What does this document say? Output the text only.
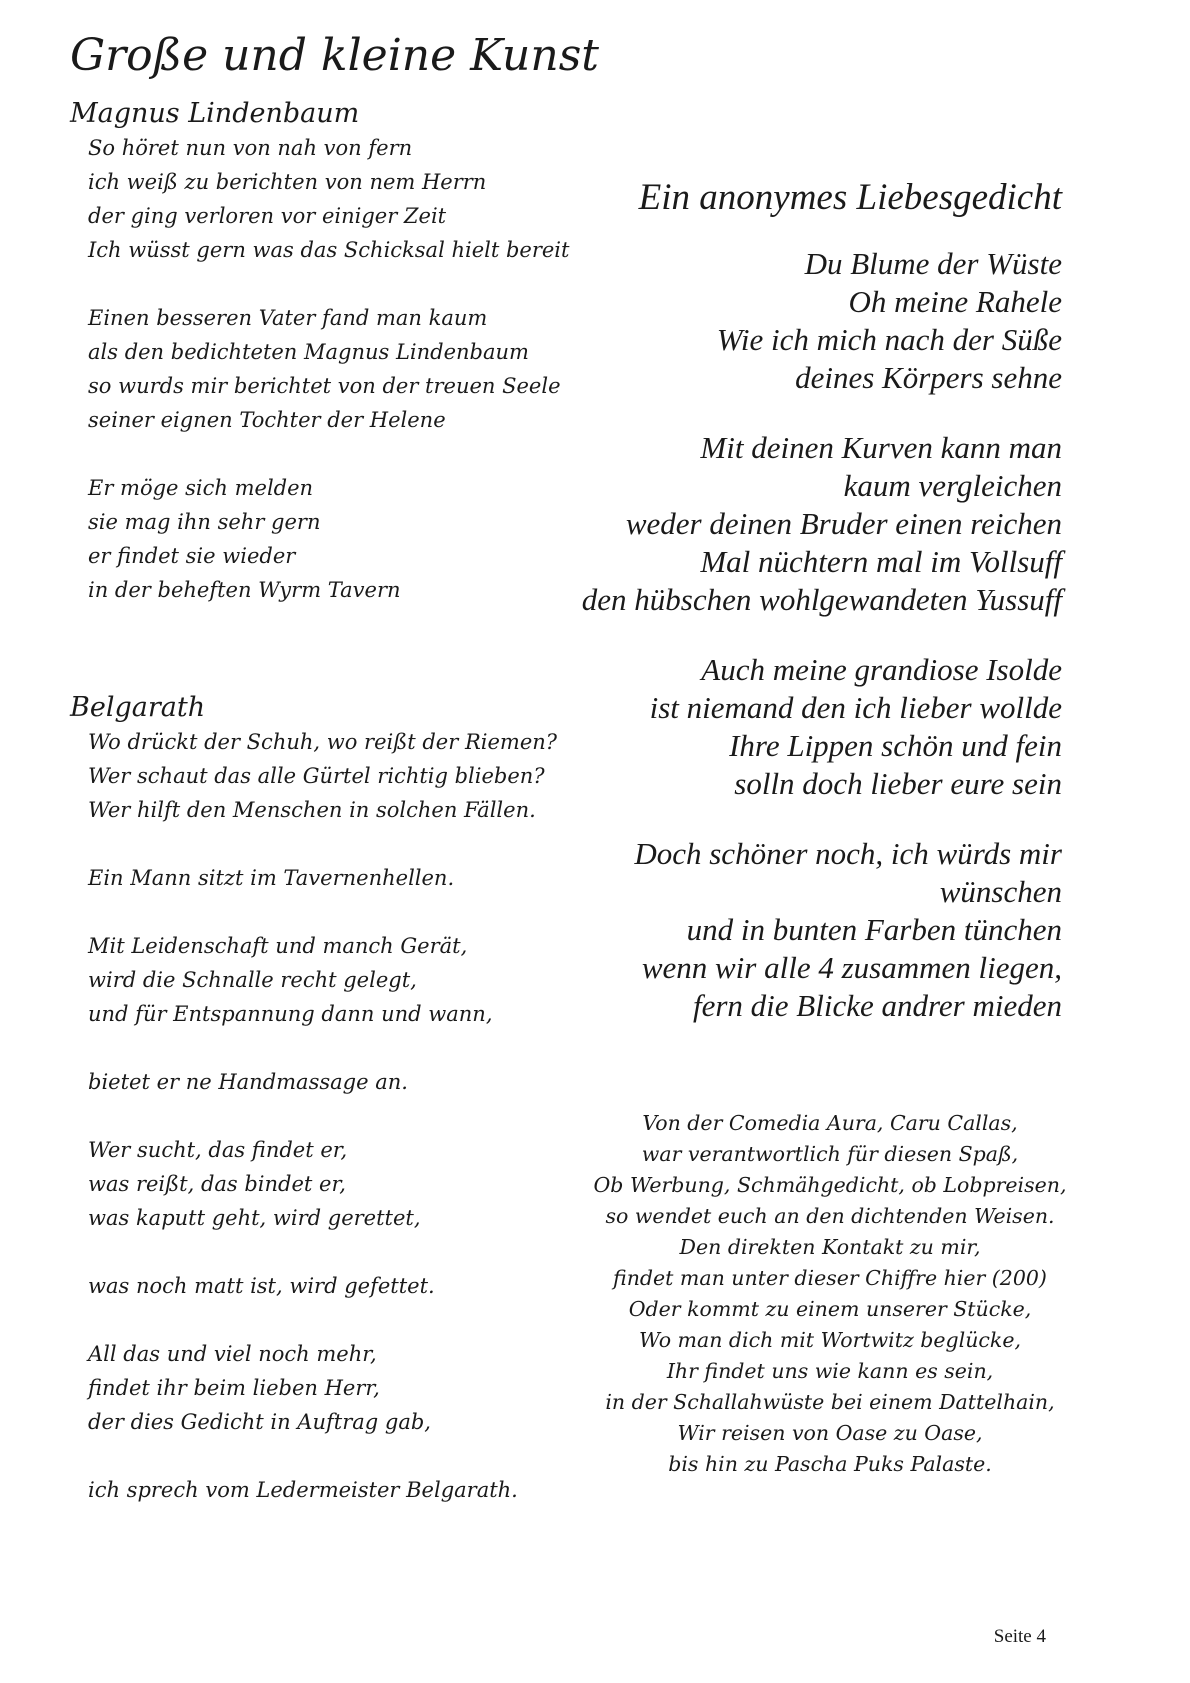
Große und kleine Kunst
Magnus Lindenbaum
So höret nun von nah von fern
ich weiß zu berichten von nem Herrn
der ging verloren vor einiger Zeit
Ich wüsst gern was das Schicksal hielt bereit
Einen besseren Vater fand man kaum
als den bedichteten Magnus Lindenbaum
so wurds mir berichtet von der treuen Seele
seiner eignen Tochter der Helene
Er möge sich melden
sie mag ihn sehr gern
er findet sie wieder
in der beheften Wyrm Tavern
Belgarath
Wo drückt der Schuh, wo reißt der Riemen?
Wer schaut das alle Gürtel richtig blieben?
Wer hilft den Menschen in solchen Fällen.
Ein Mann sitzt im Tavernenhellen.
Mit Leidenschaft und manch Gerät,
wird die Schnalle recht gelegt,
und für Entspannung dann und wann,
bietet er ne Handmassage an.
Wer sucht, das findet er,
was reißt, das bindet er,
was kaputt geht, wird gerettet,
was noch matt ist, wird gefettet.
All das und viel noch mehr,
findet ihr beim lieben Herr,
der dies Gedicht in Auftrag gab,
ich sprech vom Ledermeister Belgarath.
Ein anonymes Liebesgedicht
Du Blume der Wüste
Oh meine Rahele
Wie ich mich nach der Süße
deines Körpers sehne
Mit deinen Kurven kann man
kaum vergleichen
weder deinen Bruder einen reichen
Mal nüchtern mal im Vollsuff
den hübschen wohlgewandeten Yussuff
Auch meine grandiose Isolde
ist niemand den ich lieber wollde
Ihre Lippen schön und fein
solln doch lieber eure sein
Doch schöner noch, ich würds mir
wünschen
und in bunten Farben tünchen
wenn wir alle 4 zusammen liegen,
fern die Blicke andrer mieden
Von der Comedia Aura, Caru Callas,
war verantwortlich für diesen Spaß,
Ob Werbung, Schmähgedicht, ob Lobpreisen,
so wendet euch an den dichtenden Weisen.
Den direkten Kontakt zu mir,
findet man unter dieser Chiffre hier (200)
Oder kommt zu einem unserer Stücke,
Wo man dich mit Wortwitz beglücke,
Ihr findet uns wie kann es sein,
in der Schallahwüste bei einem Dattelhain,
Wir reisen von Oase zu Oase,
bis hin zu Pascha Puks Palaste.
Seite 4
